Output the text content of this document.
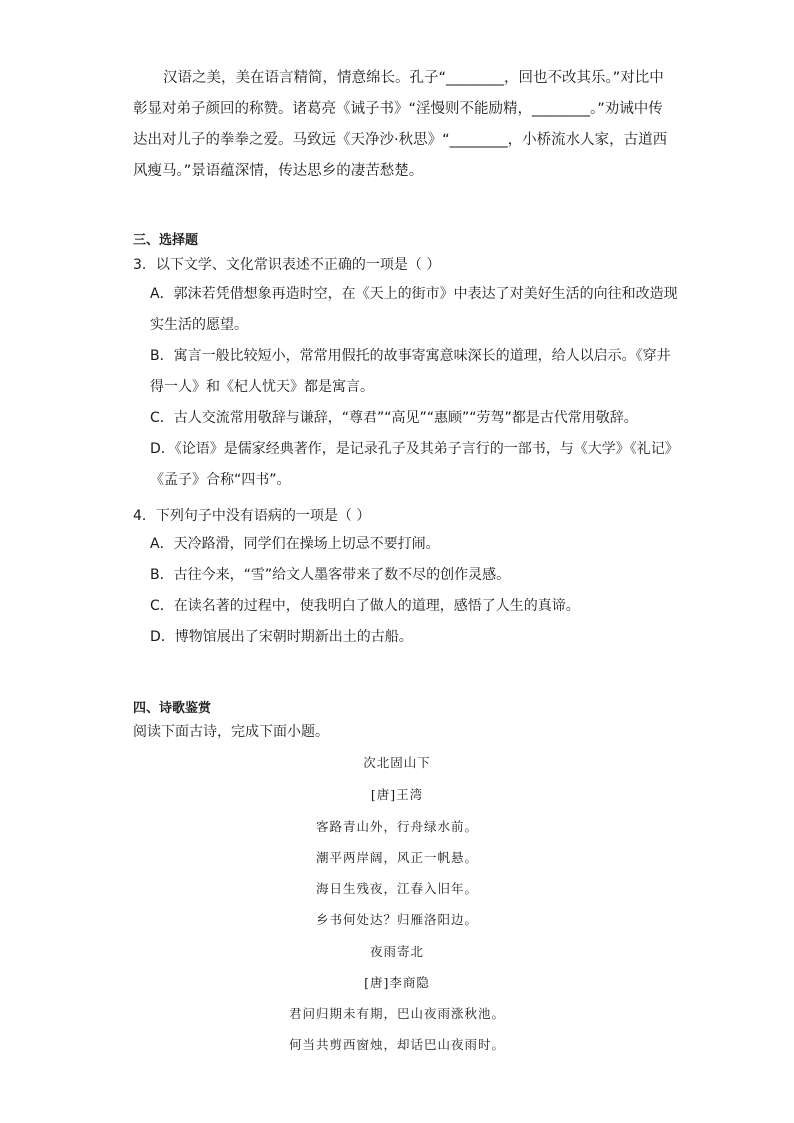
汉语之美，美在语言精简，情意绵长。孔子“________，回也不改其乐。”对比中彰显对弟子颜回的称赞。诸葛亮《诫子书》“淫慢则不能励精，________。”劝诫中传达出对儿子的拳拳之爱。马致远《天净沙·秋思》“________，小桥流水人家，古道西风瘦马。”景语蕴深情，传达思乡的凄苦愁楚。

三、选择题

3．以下文学、文化常识表述不正确的一项是（ ）

A．郭沫若凭借想象再造时空，在《天上的街市》中表达了对美好生活的向往和改造现实生活的愿望。

B．寓言一般比较短小，常常用假托的故事寄寓意味深长的道理，给人以启示。《穿井得一人》和《杞人忧天》都是寓言。

C．古人交流常用敬辞与谦辞，“尊君”“高见”“惠顾”“劳驾”都是古代常用敬辞。

D．《论语》是儒家经典著作，是记录孔子及其弟子言行的一部书，与《大学》《礼记》《孟子》合称“四书”。

4．下列句子中没有语病的一项是（ ）

A．天冷路滑，同学们在操场上切忌不要打闹。

B．古往今来，“雪”给文人墨客带来了数不尽的创作灵感。

C．在读名著的过程中，使我明白了做人的道理，感悟了人生的真谛。

D．博物馆展出了宋朝时期新出土的古船。

四、诗歌鉴赏

阅读下面古诗，完成下面小题。

次北固山下

[唐]王湾

客路青山外，行舟绿水前。

潮平两岸阔，风正一帆悬。

海日生残夜，江春入旧年。

乡书何处达？归雁洛阳边。

夜雨寄北

[唐]李商隐

君问归期未有期，巴山夜雨涨秋池。

何当共剪西窗烛，却话巴山夜雨时。
